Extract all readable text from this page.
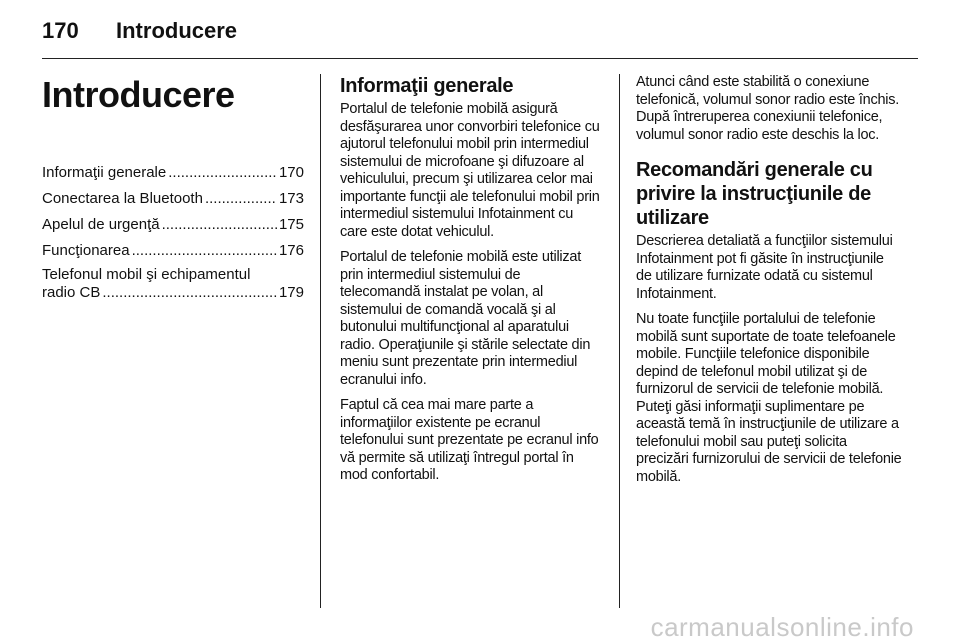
170 Introducere
Introducere
Informaţii generale .....	170
Conectarea la Bluetooth .....	173
Apelul de urgenţă .....	175
Funcţionarea .....	176
Telefonul mobil şi echipamentul
radio CB .....	179
Informaţii generale

Portalul de telefonie mobilă asigură desfăşurarea unor convorbiri telefonice cu ajutorul telefonului mobil prin intermediul sistemului de microfoane şi difuzoare al vehiculului, precum şi utilizarea celor mai importante funcţii ale telefonului mobil prin intermediul sistemului Infotainment cu care este dotat vehiculul.

Portalul de telefonie mobilă este utilizat prin intermediul sistemului de telecomandă instalat pe volan, al sistemului de comandă vocală şi al butonului multifuncţional al aparatului radio. Operaţiunile şi stările selectate din meniu sunt prezentate prin intermediul ecranului info.

Faptul că cea mai mare parte a informaţiilor existente pe ecranul telefonului sunt prezentate pe ecranul info vă permite să utilizaţi întregul portal în mod confortabil.

Atunci când este stabilită o conexiune telefonică, volumul sonor radio este închis. După întreruperea conexiunii telefonice, volumul sonor radio este deschis la loc.

Recomandări generale cu privire la instrucţiunile de utilizare

Descrierea detaliată a funcţiilor sistemului Infotainment pot fi găsite în instrucţiunile de utilizare furnizate odată cu sistemul Infotainment.

Nu toate funcţiile portalului de telefonie mobilă sunt suportate de toate telefoanele mobile. Funcţiile telefonice disponibile depind de telefonul mobil utilizat şi de furnizorul de servicii de telefonie mobilă. Puteţi găsi informaţii suplimentare pe această temă în instrucţiunile de utilizare a telefonului mobil sau puteţi solicita precizări furnizorului de servicii de telefonie mobilă.

carmanualsonline.info
